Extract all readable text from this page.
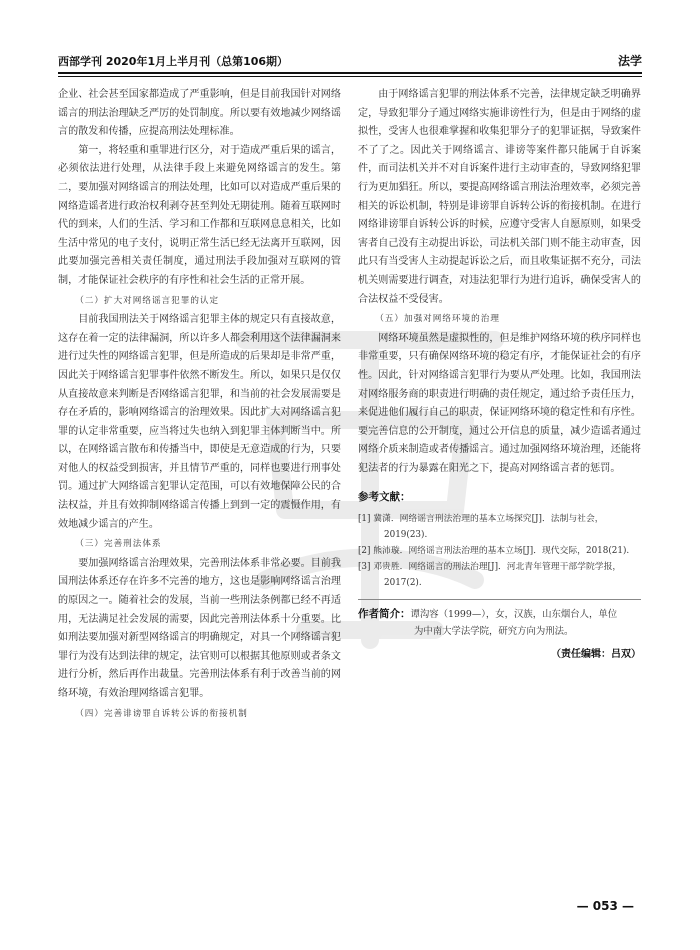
西部学刊 2020年1月上半月刊（总第106期）	法学

企业、社会甚至国家都造成了严重影响，但是目前我国针对网络谣言的刑法治理缺乏严厉的处罚制度。所以要有效地减少网络谣言的散发和传播，应提高刑法处理标准。

第一，将轻重和重罪进行区分，对于造成严重后果的谣言，必须依法进行处理，从法律手段上来避免网络谣言的发生。第二，要加强对网络谣言的刑法处理，比如可以对造成严重后果的网络造谣者进行政治权利剥夺甚至判处无期徒刑。随着互联网时代的到来，人们的生活、学习和工作都和互联网息息相关，比如生活中常见的电子支付，说明正常生活已经无法离开互联网，因此要加强完善相关责任制度，通过刑法手段加强对互联网的管制，才能保证社会秩序的有序性和社会生活的正常开展。

（二）扩大对网络谣言犯罪的认定

目前我国刑法关于网络谣言犯罪主体的规定只有直接故意，这存在着一定的法律漏洞，所以许多人都会利用这个法律漏洞来进行过失性的网络谣言犯罪，但是所造成的后果却是非常严重，因此关于网络谣言犯罪事件依然不断发生。所以，如果只是仅仅从直接故意来判断是否网络谣言犯罪，和当前的社会发展需要是存在矛盾的，影响网络谣言的治理效果。因此扩大对网络谣言犯罪的认定非常重要，应当将过失也纳入到犯罪主体判断当中。所以，在网络谣言散布和传播当中，即使是无意造成的行为，只要对他人的权益受到损害，并且情节严重的，同样也要进行刑事处罚。通过扩大网络谣言犯罪认定范围，可以有效地保障公民的合法权益，并且有效抑制网络谣言传播上到到一定的震慑作用，有效地减少谣言的产生。

（三）完善刑法体系

要加强网络谣言治理效果，完善刑法体系非常必要。目前我国刑法体系还存在许多不完善的地方，这也是影响网络谣言治理的原因之一。随着社会的发展，当前一些刑法条例都已经不再适用，无法满足社会发展的需要，因此完善刑法体系十分重要。比如刑法要加强对新型网络谣言的明确规定，对具一个网络谣言犯罪行为没有达到法律的规定，法官则可以根据其他原则或者条文进行分析，然后再作出裁量。完善刑法体系有利于改善当前的网络环境，有效治理网络谣言犯罪。

（四）完善诽谤罪自诉转公诉的衔接机制

由于网络谣言犯罪的刑法体系不完善，法律规定缺乏明确界定，导致犯罪分子通过网络实施诽谤性行为，但是由于网络的虚拟性，受害人也很难掌握和收集犯罪分子的犯罪证据，导致案件不了了之。因此关于网络谣言、诽谤等案件都只能属于自诉案件，而司法机关并不对自诉案件进行主动审查的，导致网络犯罪行为更加猖狂。所以，要提高网络谣言刑法治理效率，必须完善相关的诉讼机制，特别是诽谤罪自诉转公诉的衔接机制。在进行网络诽谤罪自诉转公诉的时候，应遵守受害人自愿原则，如果受害者自己没有主动提出诉讼，司法机关部门则不能主动审查，因此只有当受害人主动提起诉讼之后，而且收集证据不充分，司法机关则需要进行调查，对违法犯罪行为进行追诉，确保受害人的合法权益不受侵害。

（五）加强对网络环境的治理

网络环境虽然是虚拟性的，但是维护网络环境的秩序同样也非常重要，只有确保网络环境的稳定有序，才能保证社会的有序性。因此，针对网络谣言犯罪行为要从严处理。比如，我国刑法对网络服务商的职责进行明确的责任规定，通过给予责任压力，来促进他们履行自己的职责，保证网络环境的稳定性和有序性。要完善信息的公开制度，通过公开信息的质量，减少造谣者通过网络介质来制造或者传播谣言。通过加强网络环境治理，还能将犯法者的行为暴露在阳光之下，提高对网络谣言者的惩罚。

参考文献：

[1] 冀潇．网络谣言刑法治理的基本立场探究[J]．法制与社会，2019(23).

[2] 熊沛璇．网络谣言刑法治理的基本立场[J]．现代交际，2018(21).

[3] 邓贵胜．网络谣言的刑法治理[J]．河北青年管理干部学院学报，2017(2).

作者简介：谭沟容（1999—），女，汉族，山东烟台人，单位
为中南大学法学院，研究方向为刑法。

（责任编辑：吕双）

— 053 —
